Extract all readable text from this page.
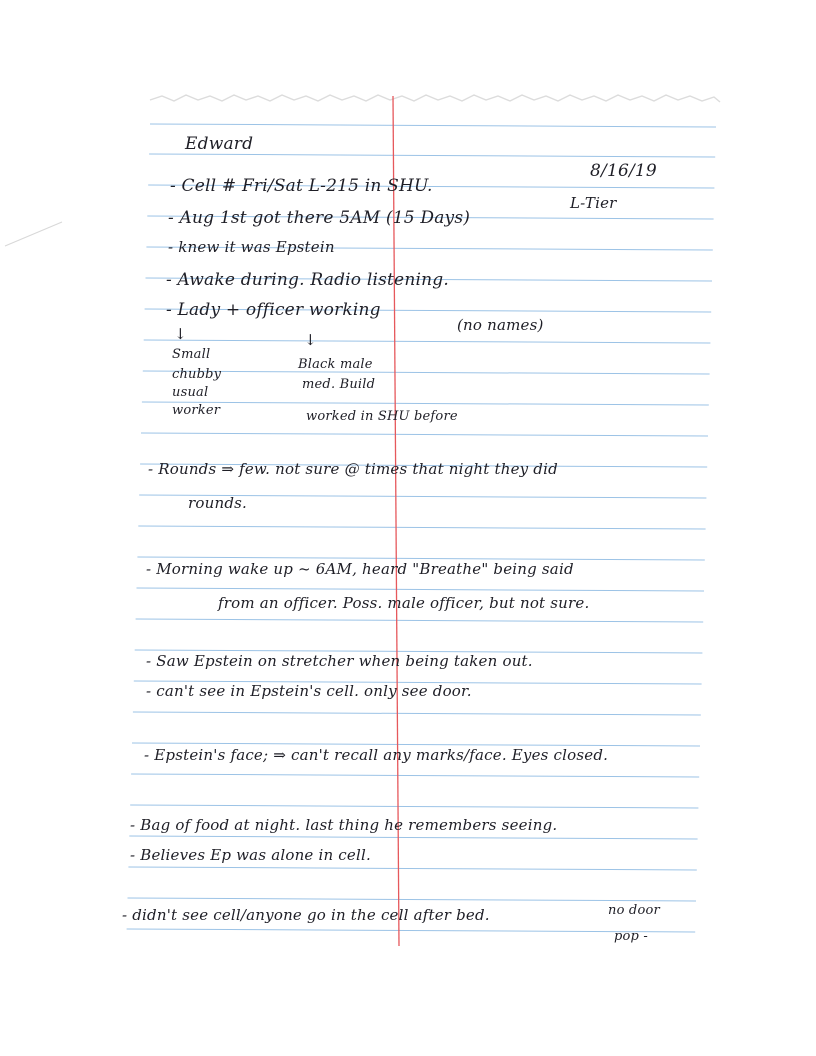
Edward
8/16/19
- Cell # Fri/Sat L-215 in SHU.
L-Tier
- Aug 1st got there 5AM (15 Days)
- knew it was Epstein
- Awake during. Radio listening.
- Lady + officer working
(no names)
↓	↓
Small
chubby
usual
worker
Black male
med. Build
worked in SHU before
- Rounds ⇒ few. not sure @ times that night they did
rounds.
- Morning wake up ~ 6AM, heard "Breathe" being said
from an officer. Poss. male officer, but not sure.
- Saw Epstein on stretcher when being taken out.
- can't see in Epstein's cell. only see door.
- Epstein's face; ⇒ can't recall any marks/face. Eyes closed.
- Bag of food at night. last thing he remembers seeing.
- Believes Ep was alone in cell.
- didn't see cell/anyone go in the cell after bed.	no door
pop -
